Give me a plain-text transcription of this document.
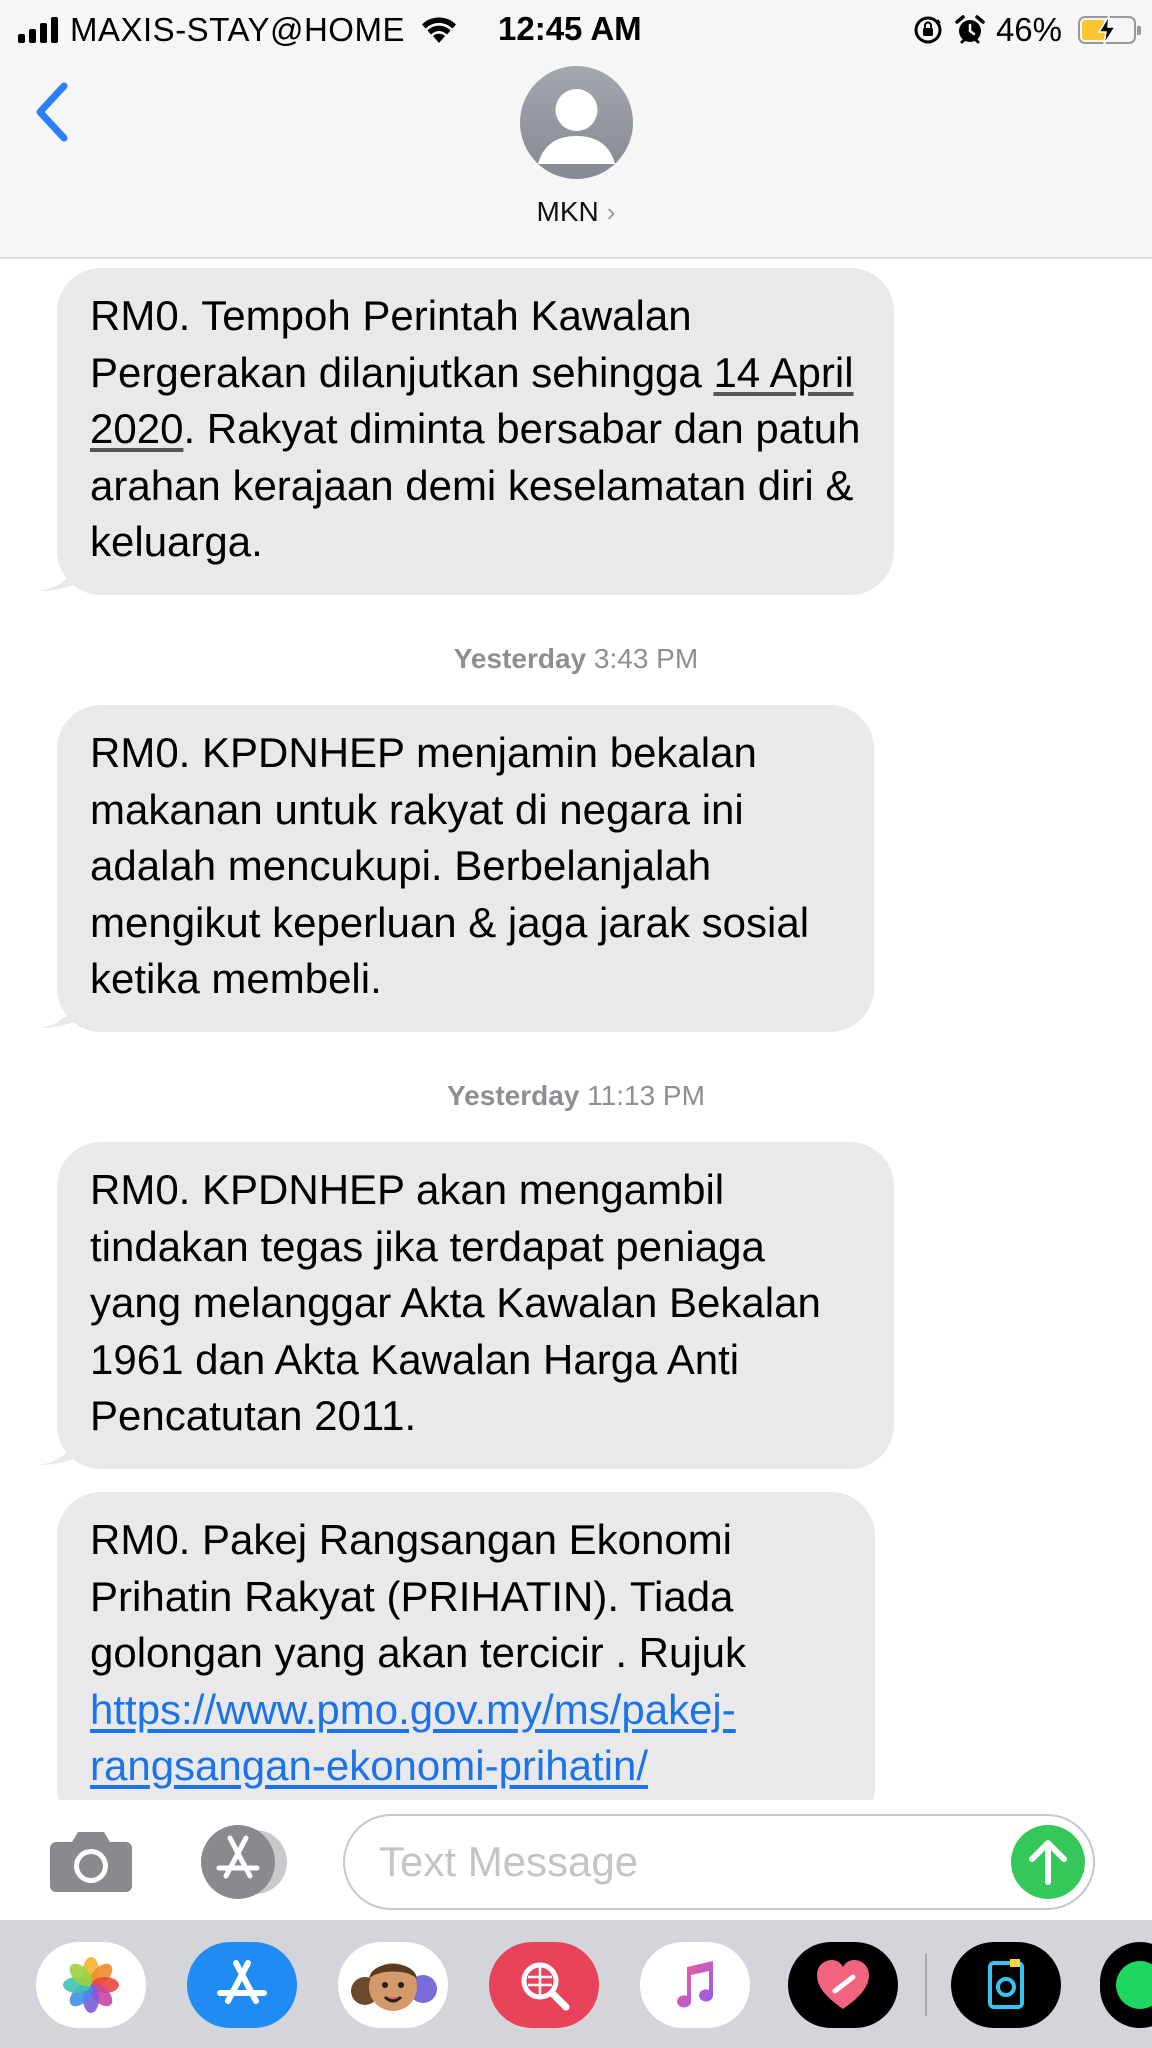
MAXIS-STAY@HOME	12:45 AM	46%
MKN ›
RM0. Tempoh Perintah Kawalan Pergerakan dilanjutkan sehingga 14 April 2020. Rakyat diminta bersabar dan patuh arahan kerajaan demi keselamatan diri & keluarga.
Yesterday 3:43 PM
RM0. KPDNHEP menjamin bekalan makanan untuk rakyat di negara ini adalah mencukupi. Berbelanjalah mengikut keperluan & jaga jarak sosial ketika membeli.
Yesterday 11:13 PM
RM0. KPDNHEP akan mengambil tindakan tegas jika terdapat peniaga yang melanggar Akta Kawalan Bekalan 1961 dan Akta Kawalan Harga Anti Pencatutan 2011.
RM0. Pakej Rangsangan Ekonomi Prihatin Rakyat (PRIHATIN). Tiada golongan yang akan tercicir . Rujuk https://www.pmo.gov.my/ms/pakej-rangsangan-ekonomi-prihatin/
Text Message
